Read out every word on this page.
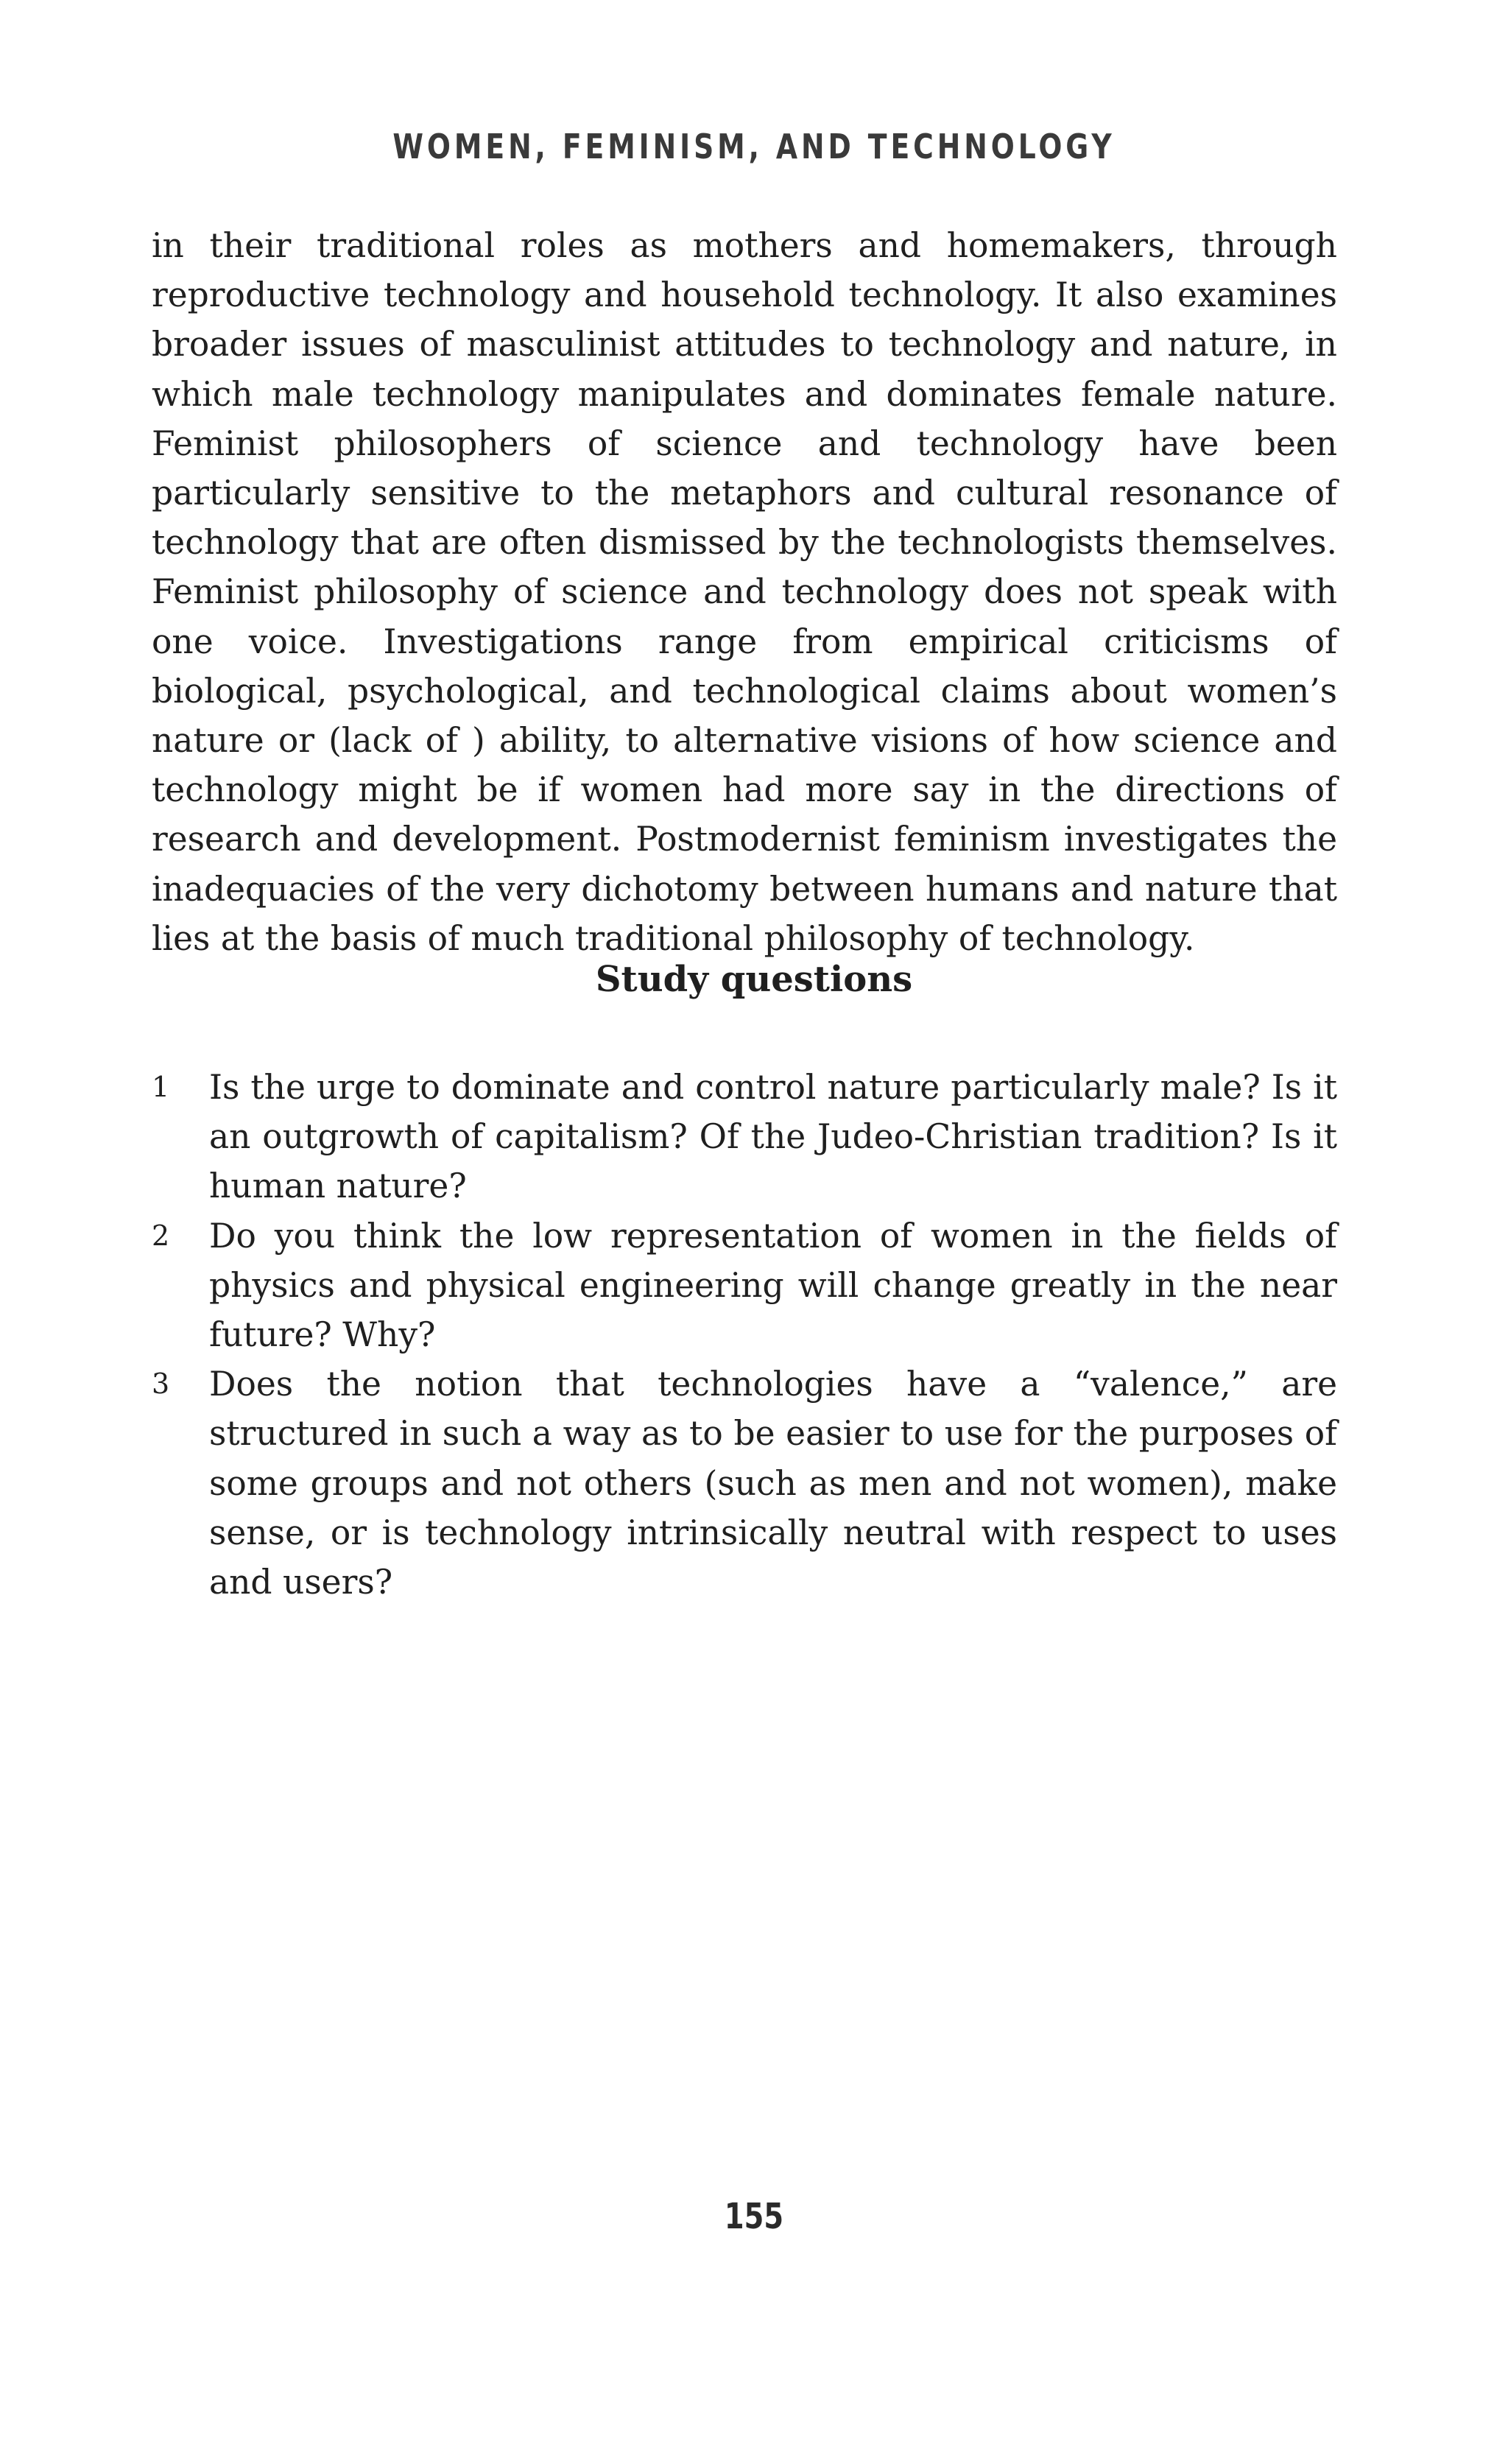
WOMEN, FEMINISM, AND TECHNOLOGY

in their traditional roles as mothers and homemakers, through reproductive technology and household technology. It also examines broader issues of masculinist attitudes to technology and nature, in which male technology manipulates and dominates female nature. Feminist philosophers of science and technology have been particularly sensitive to the metaphors and cultural resonance of technology that are often dismissed by the technologists themselves. Feminist philosophy of science and technology does not speak with one voice. Investigations range from empirical criticisms of biological, psychological, and technological claims about women’s nature or (lack of ) ability, to alternative visions of how science and technology might be if women had more say in the directions of research and development. Postmodernist feminism investigates the inadequacies of the very dichotomy between humans and nature that lies at the basis of much traditional philosophy of technology.

Study questions
1	Is the urge to dominate and control nature particularly male? Is it an outgrowth of capitalism? Of the Judeo-Christian tradition? Is it human nature?
2	Do you think the low representation of women in the fields of physics and physical engineering will change greatly in the near future? Why?
3	Does the notion that technologies have a “valence,” are structured in such a way as to be easier to use for the purposes of some groups and not others (such as men and not women), make sense, or is technology intrinsically neutral with respect to uses and users?
155
